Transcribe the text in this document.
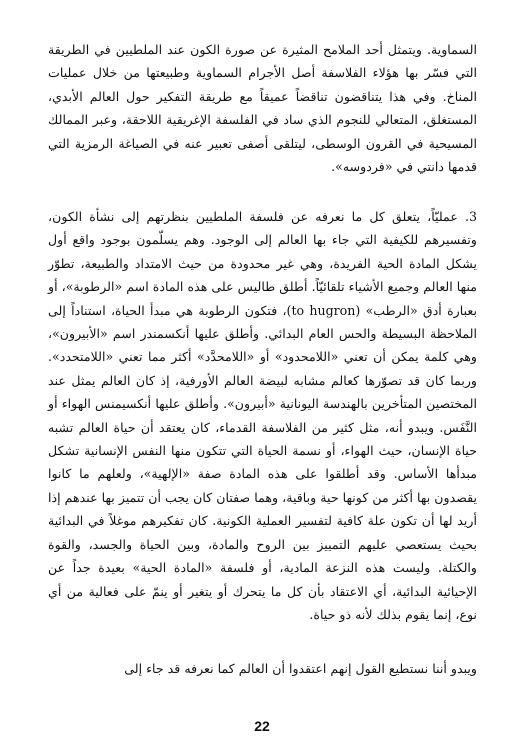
السماوية. ويتمثل أحد الملامح المثيرة عن صورة الكون عند الملطيين في الطريقة التي فسّر بها هؤلاء الفلاسفة أصل الأجرام السماوية وطبيعتها من خلال عمليات المناخ. وفي هذا يتناقضون تناقضاً عميقاً مع طريقة التفكير حول العالم الأبدي، المستغلق، المتعالي للنجوم الذي ساد في الفلسفة الإغريقية اللاحقة، وعبر الممالك المسيحية في القرون الوسطى، ليتلقى أصفى تعبير عنه في الصياغة الرمزية التي قدمها دانتي في «فردوسه».

3. عمليّاً، يتعلق كل ما نعرفه عن فلسفة الملطيين بنظرتهم إلى نشأة الكون، وتفسيرهم للكيفية التي جاء بها العالم إلى الوجود. وهم يسلّمون بوجود واقع أول يشكل المادة الحية الفريدة، وهي غير محدودة من حيث الامتداد والطبيعة، تطوّر منها العالم وجميع الأشياء تلقائيّاً. أطلق طاليس على هذه المادة اسم «الرطوبة»، أو بعبارة أدق «الرطب» (to hugron)، فتكون الرطوبة هي مبدأ الحياة، استناداً إلى الملاحظة البسيطة والحس العام البدائي. وأطلق عليها أنكسمندر اسم «الأبيرون»، وهي كلمة يمكن أن تعني «اللامحدود» أو «اللامحدَّد» أكثر مما تعني «اللامتحدد». وربما كان قد تصوّرها كعالم مشابه لبيضة العالم الأورفية، إذ كان العالم يمثل عند المختصين المتأخرين بالهندسة اليونانية «أبيرون». وأطلق عليها أنكسيمنس الهواء أو النَّفَس. ويبدو أنه، مثل كثير من الفلاسفة القدماء، كان يعتقد أن حياة العالم تشبه حياة الإنسان، حيث الهواء، أو نسمة الحياة التي تتكون منها النفس الإنسانية تشكل مبدأها الأساس. وقد أطلقوا على هذه المادة صفة «الإلهية»، ولعلهم ما كانوا يقصدون بها أكثر من كونها حية وباقية، وهما صفتان كان يجب أن تتميز بها عندهم إذا أريد لها أن تكون علة كافية لتفسير العملية الكونية. كان تفكيرهم موغلاً في البدائية بحيث يستعصي عليهم التمييز بين الروح والمادة، وبين الحياة والجسد، والقوة والكتلة. وليست هذه النزعة المادية، أو فلسفة «المادة الحية» بعيدة جداً عن الإحيائية البدائية، أي الاعتقاد بأن كل ما يتحرك أو يتغير أو ينمّ على فعالية من أي نوع، إنما يقوم بذلك لأنه ذو حياة.

ويبدو أننا نستطيع القول إنهم اعتقدوا أن العالم كما نعرفه قد جاء إلى

22
